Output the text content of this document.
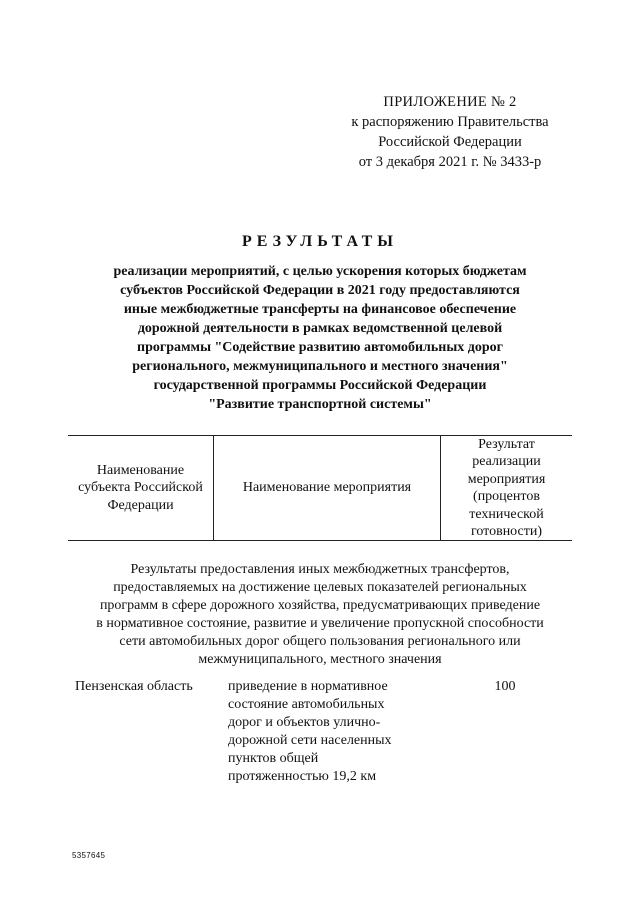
ПРИЛОЖЕНИЕ № 2
к распоряжению Правительства
Российской Федерации
от 3 декабря 2021 г. № 3433-р
РЕЗУЛЬТАТЫ
реализации мероприятий, с целью ускорения которых бюджетам
субъектов Российской Федерации в 2021 году предоставляются
иные межбюджетные трансферты на финансовое обеспечение
дорожной деятельности в рамках ведомственной целевой
программы "Содействие развитию автомобильных дорог
регионального, межмуниципального и местного значения"
государственной программы Российской Федерации
"Развитие транспортной системы"
Наименование
субъекта Российской
Федерации
Наименование мероприятия
Результат
реализации
мероприятия
(процентов
технической
готовности)
Результаты предоставления иных межбюджетных трансфертов,
предоставляемых на достижение целевых показателей региональных
программ в сфере дорожного хозяйства, предусматривающих приведение
в нормативное состояние, развитие и увеличение пропускной способности
сети автомобильных дорог общего пользования регионального или
межмуниципального, местного значения
Пензенская область	приведение в нормативное
состояние автомобильных
дорог и объектов улично-
дорожной сети населенных
пунктов общей
протяженностью 19,2 км
100
5357645
